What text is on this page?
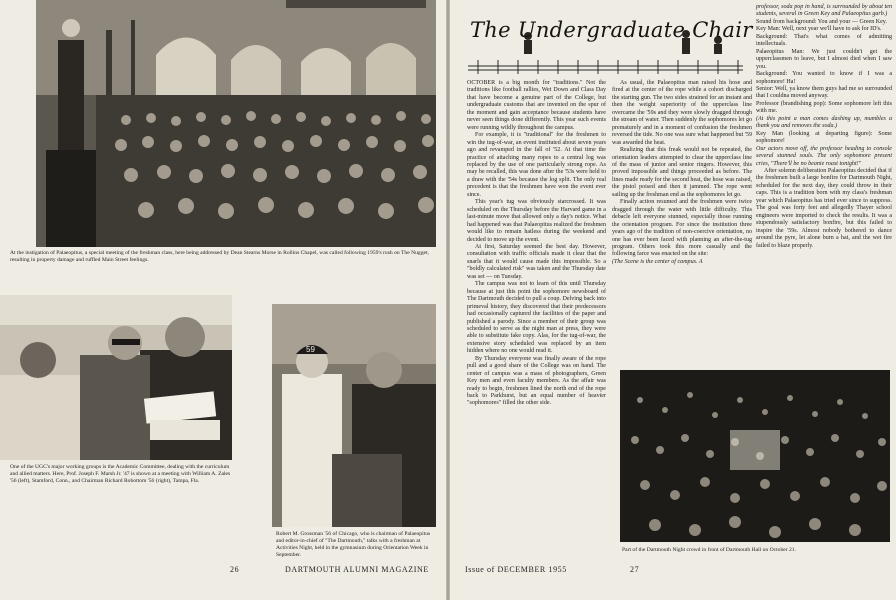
At the instigation of Palaeopitus, a special meeting of the freshman class, here being addressed by Dean Stearns Morse in Rollins Chapel, was called following 1959's rush on The Nugget, resulting in property damage and ruffled Main Street feelings.
One of the UGC's major working groups is the Academic Committee, dealing with the curriculum and allied matters. Here, Prof. Joseph F. Marsh Jr. '47 is shown at a meeting with William A. Zales '56 (left), Stamford, Conn., and Chairman Richard Robottom '56 (right), Tampa, Fla.
59
Robert M. Grossman '56 of Chicago, who is chairman of Palaeopitus and editor-in-chief of "The Dartmouth," talks with a freshman at Activities Night, held in the gymnasium during Orientation Week in September.
26	DARTMOUTH ALUMNI MAGAZINE
The Undergraduate Chair

OCTOBER is a big month for "traditions." Not the traditions like football rallies, Wet Down and Class Day that have become a genuine part of the College, but undergraduate customs that are invented on the spur of the moment and gain acceptance because students have never seen things done differently. This year such events were running wildly throughout the campus.

For example, it is "traditional" for the freshmen to win the tug-of-war, an event instituted about seven years ago and revamped in the fall of '52. At that time the practice of attaching many ropes to a central log was replaced by the use of one particularly strong rope. As may be recalled, this was done after the '53s were held to a draw with the '54s because the log split. The only real precedent is that the freshmen have won the event ever since.

This year's tug was obviously starcrossed. It was scheduled on the Thursday before the Harvard game in a last-minute move that allowed only a day's notice. What had happened was that Palaeopitus realized the freshmen would like to remain hatless during the weekend and decided to move up the event.

At first, Saturday seemed the best day. However, consultation with traffic officials made it clear that the snarls that it would cause made this impossible. So a "boldly calculated risk" was taken and the Thursday date was set — on Tuesday.

The campus was not to learn of this until Thursday because at just this point the sophomore newsboard of The Dartmouth decided to pull a coup. Delving back into primeval history, they discovered that their predecessors had occasionally captured the facilities of the paper and published a parody. Since a member of their group was scheduled to serve as the night man at press, they were able to substitute fake copy. Alas, for the tug-of-war, the extensive story scheduled was replaced by an item hidden where no one would read it.

By Thursday everyone was finally aware of the rope pull and a good share of the College was on hand. The center of campus was a mass of photographers, Green Key men and even faculty members. As the affair was ready to begin, freshmen lined the north end of the rope back to Parkhurst, but an equal number of heavier "sophomores" filled the other side.

As usual, the Palaeopitus man raised his hose and fired at the center of the rope while a cohort discharged the starting gun. The two sides strained for an instant and then the weight superiority of the upperclass line overcame the '59s and they were slowly dragged through the stream of water. Then suddenly the sophomores let go prematurely and in a moment of confusion the freshmen reversed the tide. No one was sure what happened but '59 was awarded the heat.

Realizing that this freak would not be repeated, the orientation leaders attempted to clear the upperclass line of the mass of junior and senior ringers. However, this proved impossible and things proceeded as before. The lines made ready for the second heat, the hose was raised, the pistol poised and then it jammed. The rope went sailing up the freshman end as the sophomores let go.

Finally action resumed and the freshmen were twice dragged through the water with little difficulty. This debacle left everyone stunned, especially those running the orientation program. For since the institution three years ago of the tradition of non-coercive orientation, no one has ever been faced with planning an after-the-tug program. Others took this more casually and the following farce was enacted on the site:

(The Scene is the center of campus. A

professor, soda pop in hand, is surrounded by about ten students, several in Green Key and Palaeopitus garb.)

Sound from background: You and your — Green Key.

Key Man: Well, next year we'll have to ask for ID's.

Background: That's what comes of admitting intellectuals.

Palaeopitus Man: We just couldn't get the upperclassmen to leave, but I almost died when I saw you.

Background: You wanted to know if I was a sophomore! Ha!

Senior: Well, ya know them guys had me so surrounded that I couldna moved anyway.

Professor (brandishing pop): Some sophomore left this with me.

(At this point a man comes dashing up, mumbles a thank you and removes the soda.)

Key Man (looking at departing figure): Some sophomore!

Our actors move off, the professor heading to console several stunned souls. The only sophomore present cries, "There'll be no beanie roast tonight!"

After solemn deliberation Palaeopitus decided that if the freshmen built a large bonfire for Dartmouth Night, scheduled for the next day, they could throw in their caps. This is a tradition born with my class's freshman year which Palaeopitus has tried ever since to suppress. The goal was forty feet and allegedly Thayer school engineers were imported to check the results. It was a stupendously satisfactory bonfire, but this failed to inspire the '59s. Almost nobody bothered to dance around the pyre, let alone burn a hat, and the wet fire failed to blaze properly.

Part of the Dartmouth Night crowd in front of Dartmouth Hall on October 21.
Issue of DECEMBER 1955	27
